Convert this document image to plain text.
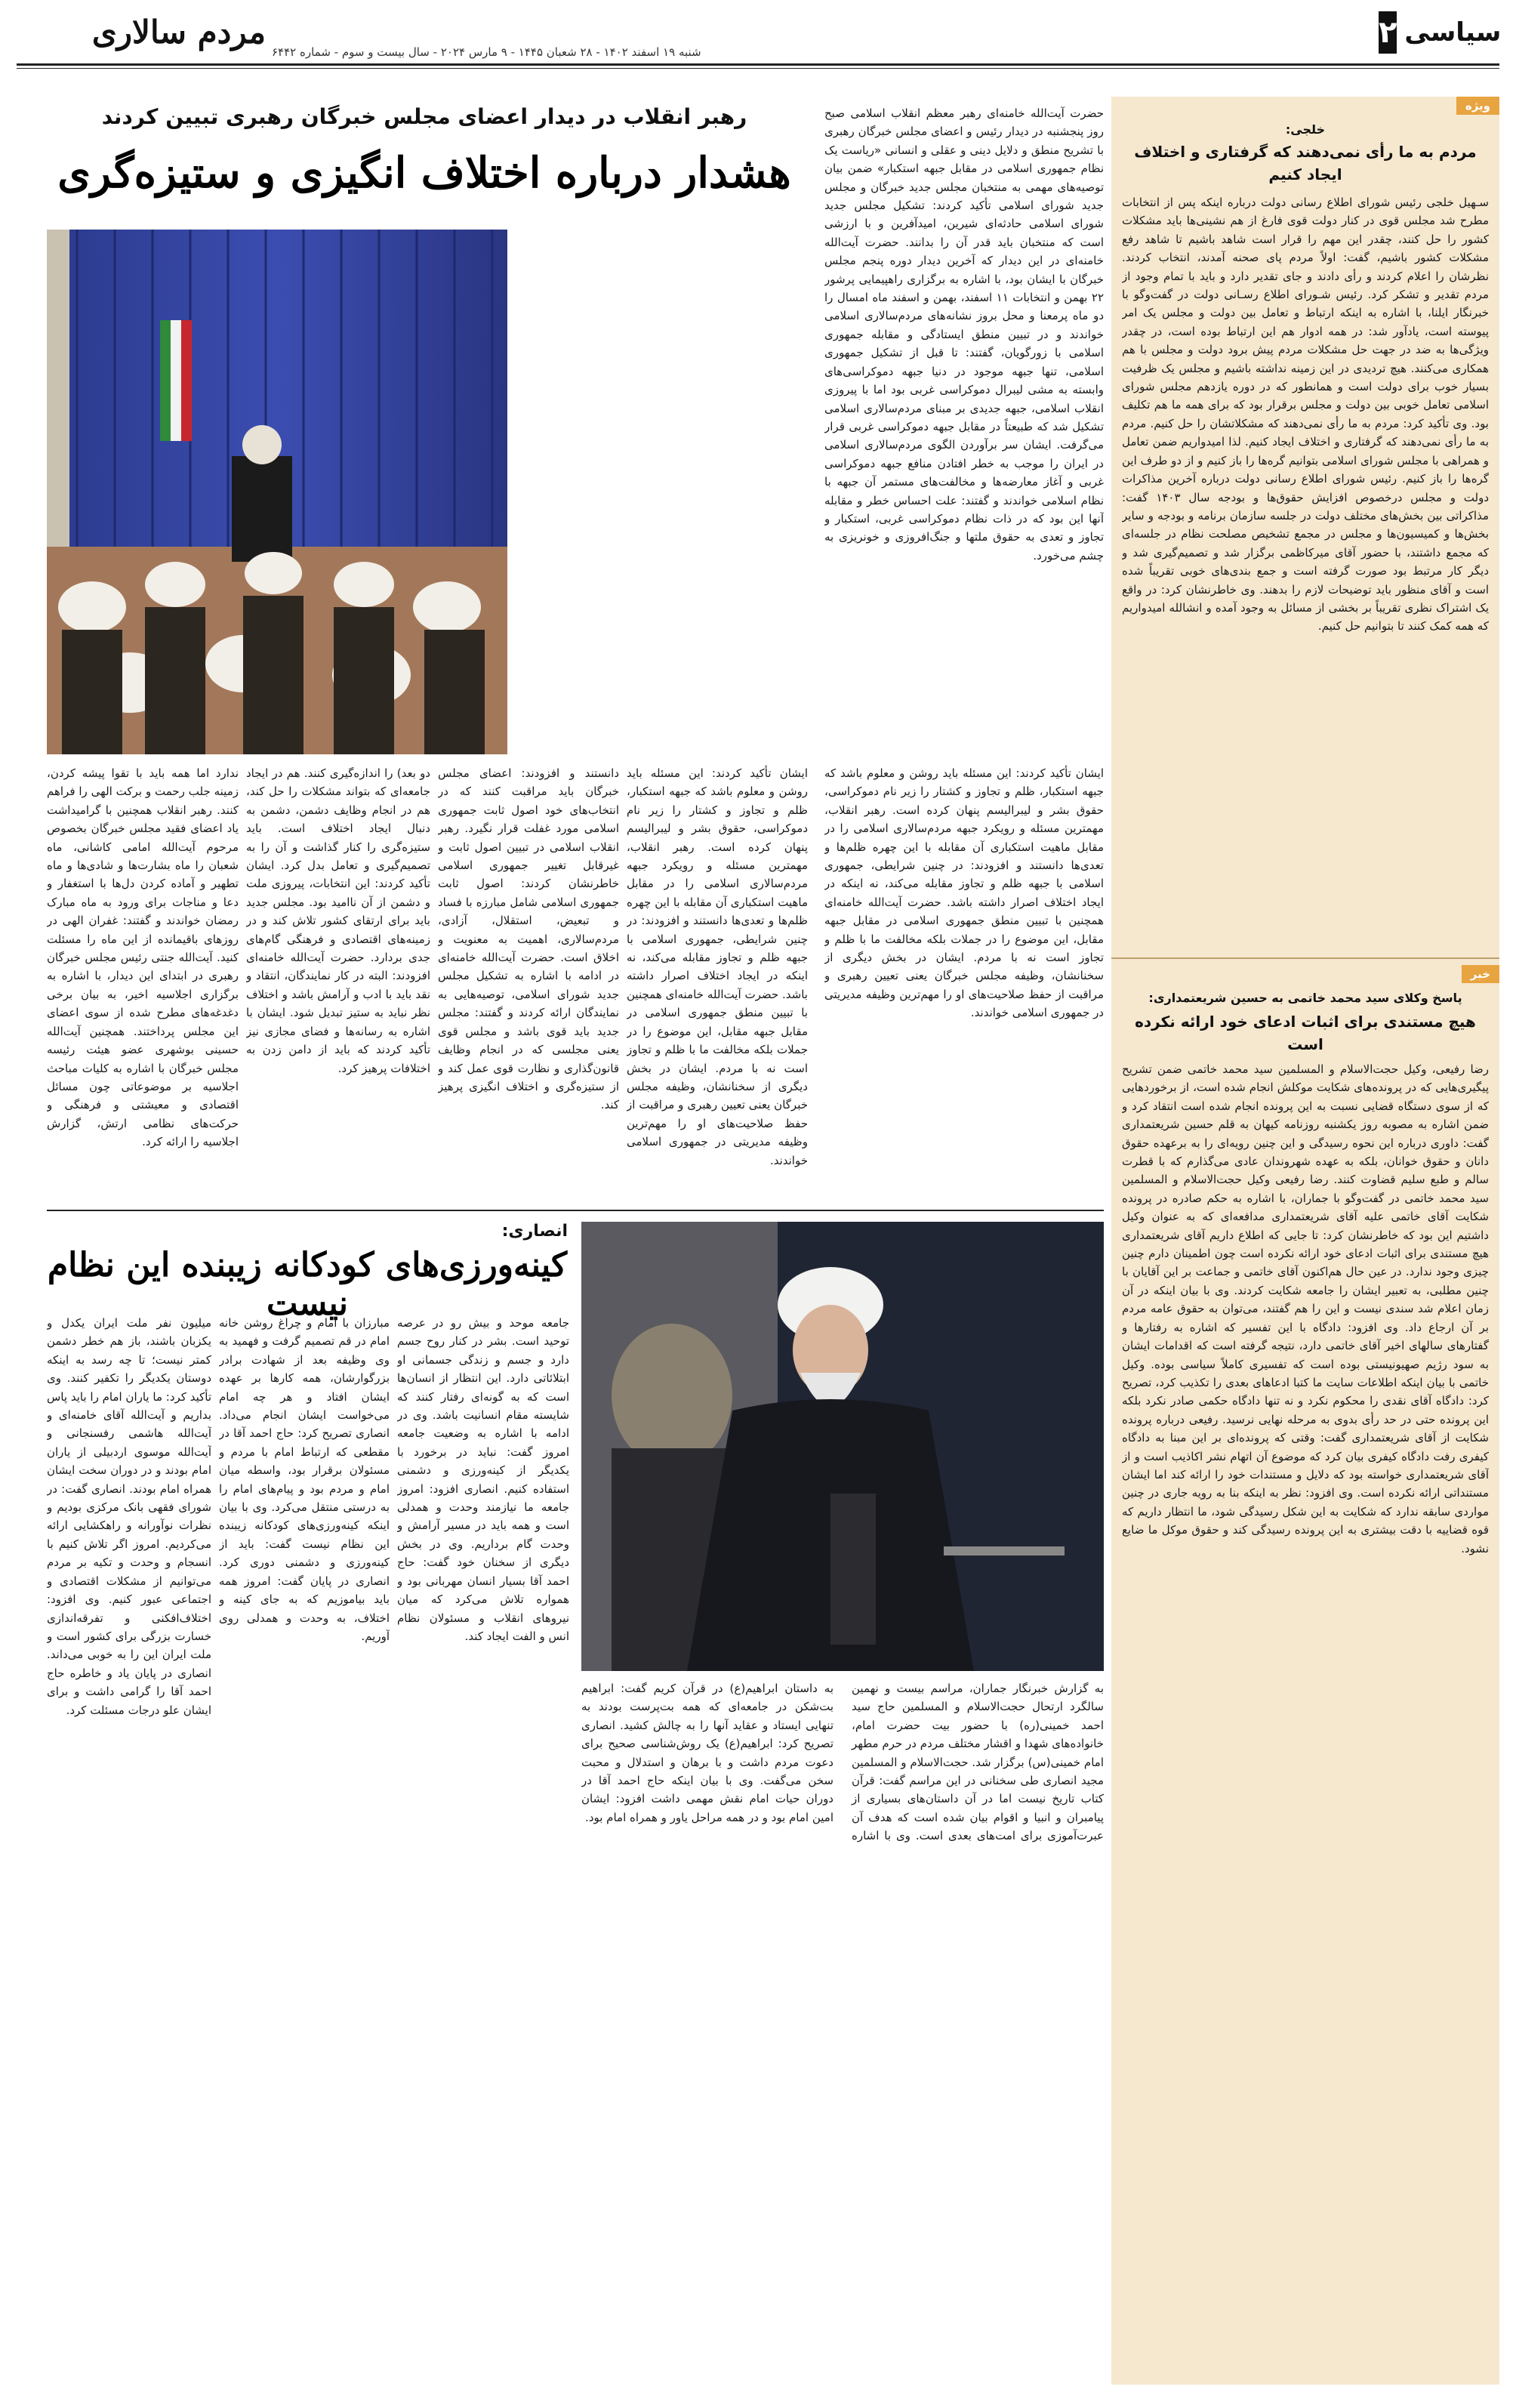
سیاسی
۲
مردم سالاری
شنبه ۱۹ اسفند ۱۴۰۲ - ۲۸ شعبان ۱۴۴۵ - ۹ مارس ۲۰۲۴ - سال بیست و سوم - شماره ۶۴۴۲
ویژه
خلجی:
مردم به ما رأی نمی‌دهند که گرفتاری و اختلاف ایجاد کنیم
سـهیل خلجی رئیس شورای اطلاع رسانی دولت درباره اینکه پس از انتخابات مطرح شد مجلس قوی در کنار دولت قوی فارغ از هم نشینی‌ها باید مشکلات کشور را حل کنند، چقدر این مهم را قرار است شاهد باشیم تا شاهد رفع مشکلات کشور باشیم، گفت: اولاً مردم پای صحنه آمدند، انتخاب کردند. نظرشان را اعلام کردند و رأی دادند و جای تقدیر دارد و باید با تمام وجود از مردم تقدیر و تشکر کرد. رئیس شـورای اطلاع رسـانی دولت در گفت‌وگو با خبرنگار ایلنا، با اشاره به اینکه ارتباط و تعامل بین دولت و مجلس یک امر پیوسته است، یادآور شد: در همه ادوار هم این ارتباط بوده است، در چقدر ویژگی‌ها به ضد در جهت حل مشکلات مردم پیش برود دولت و مجلس با هم همکاری می‌کنند. هیچ تردیدی در این زمینه نداشته باشیم و مجلس یک ظرفیت بسیار خوب برای دولت است و همانطور که در دوره یازدهم مجلس شورای اسلامی تعامل خوبی بین دولت و مجلس برقرار بود که برای همه ما هم تکلیف بود. وی تأکید کرد: مردم به ما رأی نمی‌دهند که مشکلاتشان را حل کنیم. مردم به ما رأی نمی‌دهند که گرفتاری و اختلاف ایجاد کنیم. لذا امیدواریم ضمن تعامل و همراهی با مجلس شورای اسلامی بتوانیم گره‌ها را باز کنیم و از دو طرف این گره‌ها را باز کنیم. رئیس شورای اطلاع رسانی دولت درباره آخرین مذاکرات دولت و مجلس درخصوص افزایش حقوق‌ها و بودجه سال ۱۴۰۳ گفت: مذاکراتی بین بخش‌های مختلف دولت در جلسه سازمان برنامه و بودجه و سایر بخش‌ها و کمیسیون‌ها و مجلس در مجمع تشخیص مصلحت نظام در جلسه‌ای که مجمع داشتند، با حضور آقای میرکاظمی برگزار شد و تصمیم‌گیری شد و دیگر کار مرتبط بود صورت گرفته است و جمع بندی‌های خوبی تقریباً شده است و آقای منظور باید توضیحات لازم را بدهند. وی خاطرنشان کرد: در واقع یک اشتراک نظری تقریباً بر بخشی از مسائل به وجود آمده و انشالله امیدواریم که همه کمک کنند تا بتوانیم حل کنیم.
خبر
پاسخ وکلای سید محمد خاتمی به حسین شریعتمداری:
هیچ مستندی برای اثبات ادعای خود ارائه نکرده است
رضا رفیعی، وکیل حجت‌الاسلام و المسلمین سید محمد خاتمی ضمن تشریح پیگیری‌هایی که در پرونده‌های شکایت موکلش انجام شده است، از برخوردهایی که از سوی دستگاه قضایی نسبت به این پرونده انجام شده است انتقاد کرد و ضمن اشاره به مصوبه روز یکشنبه روزنامه کیهان به قلم حسین شریعتمداری گفت: داوری درباره این نحوه رسیدگی و این چنین رویه‌ای را به برعهده حقوق دانان و حقوق خوانان، بلکه به عهده شهروندان عادی می‌گذارم که با قطرت سالم و طبع سلیم قضاوت کنند. رضا رفیعی وکیل حجت‌الاسلام و المسلمین سید محمد خاتمی در گفت‌وگو با جماران، با اشاره به حکم صادره در پرونده شکایت آقای خاتمی علیه آقای شریعتمداری مدافعه‌ای که به عنوان وکیل داشتیم این بود که خاطرنشان کرد: تا جایی که اطلاع داریم آقای شریعتمداری هیچ مستندی برای اثبات ادعای خود ارائه نکرده است چون اطمینان دارم چنین چیزی وجود ندارد. در عین حال هم‌اکنون آقای خاتمی و جماعت بر این آقایان با چنین مطلبی، به تعبیر ایشان را جامعه شکایت کردند. وی با بیان اینکه در آن زمان اعلام شد سندی نیست و این را هم گفتند، می‌توان به حقوق عامه مردم بر آن ارجاع داد. وی افزود: دادگاه با این تفسیر که اشاره به رفتارها و گفتارهای سالهای اخیر آقای خاتمی دارد، نتیجه گرفته است که اقدامات ایشان به سود رژیم صهیونیستی بوده است که تفسیری کاملاً سیاسی بوده. وکیل خاتمی با بیان اینکه اطلاعات سایت ما کتبا ادعاهای بعدی را تکذیب کرد، تصریح کرد: دادگاه آقای نقدی را محکوم نکرد و نه تنها دادگاه حکمی صادر نکرد بلکه این پرونده حتی در حد رأی بدوی به مرحله نهایی نرسید. رفیعی درباره پرونده شکایت از آقای شریعتمداری گفت: وقتی که پرونده‌ای بر این مبنا به دادگاه کیفری رفت دادگاه کیفری بیان کرد که موضوع آن اتهام نشر اکاذیب است و از آقای شریعتمداری خواسته بود که دلایل و مستندات خود را ارائه کند اما ایشان مستنداتی ارائه نکرده است. وی افزود: نظر به اینکه بنا به رویه جاری در چنین مواردی سابقه ندارد که شکایت به این شکل رسیدگی شود، ما انتظار داریم که قوه قضاییه با دقت بیشتری به این پرونده رسیدگی کند و حقوق موکل ما ضایع نشود.
رهبر انقلاب در دیدار اعضای مجلس خبرگان رهبری تبیین کردند
هشدار درباره اختلاف انگیزی و ستیزه‌گری
حضرت آیت‌الله خامنه‌ای رهبر معظم انقلاب اسلامی صبح روز پنجشنبه در دیدار رئیس و اعضای مجلس خبرگان رهبری با تشریح منطق و دلایل دینی و عقلی و انسانی «ریاست یک نظام جمهوری اسلامی در مقابل جبهه استکبار» ضمن بیان توصیه‌های مهمی به منتخبان مجلس جدید خبرگان و مجلس جدید شورای اسلامی تأکید کردند: تشکیل مجلس جدید شورای اسلامی حادثه‌ای شیرین، امیدآفرین و با ارزشی است که منتخبان باید قدر آن را بدانند. حضرت آیت‌الله خامنه‌ای در این دیدار که آخرین دیدار دوره پنجم مجلس خبرگان با ایشان بود، با اشاره به برگزاری راهپیمایی پرشور ۲۲ بهمن و انتخابات ۱۱ اسفند، بهمن و اسفند ماه امسال را دو ماه پرمعنا و محل بروز نشانه‌های مردم‌سالاری اسلامی خواندند و در تبیین منطق ایستادگی و مقابله جمهوری اسلامی با زورگویان، گفتند: تا قبل از تشکیل جمهوری اسلامی، تنها جبهه موجود در دنیا جبهه دموکراسی‌های وابسته به مشی لیبرال دموکراسی غربی بود اما با پیروزی انقلاب اسلامی، جبهه جدیدی بر مبنای مردم‌سالاری اسلامی تشکیل شد که طبیعتاً در مقابل جبهه دموکراسی غربی قرار می‌گرفت. ایشان سر برآوردن الگوی مردم‌سالاری اسلامی در ایران را موجب به خطر افتادن منافع جبهه دموکراسی غربی و آغاز معارضه‌ها و مخالفت‌های مستمر آن جبهه با نظام اسلامی خواندند و گفتند: علت احساس خطر و مقابله آنها این بود که در ذات نظام دموکراسی غربی، استکبار و تجاوز و تعدی به حقوق ملتها و جنگ‌افروزی و خونریزی به چشم می‌خورد.
ایشان تأکید کردند: این مسئله باید روشن و معلوم باشد که جبهه استکبار، ظلم و تجاوز و کشتار را زیر نام دموکراسی، حقوق بشر و لیبرالیسم پنهان کرده است. رهبر انقلاب، مهمترین مسئله و رویکرد جبهه مردم‌سالاری اسلامی را در مقابل ماهیت استکباری آن مقابله با این چهره ظلم‌ها و تعدی‌ها دانستند و افزودند: در چنین شرایطی، جمهوری اسلامی با جبهه ظلم و تجاوز مقابله می‌کند، نه اینکه در ایجاد اختلاف اصرار داشته باشد. حضرت آیت‌الله خامنه‌ای همچنین با تبیین منطق جمهوری اسلامی در مقابل جبهه مقابل، این موضوع را در جملات بلکه مخالفت ما با ظلم و تجاوز است نه با مردم. ایشان در بخش دیگری از سخنانشان، وظیفه مجلس خبرگان یعنی تعیین رهبری و مراقبت از حفظ صلاحیت‌های او را مهم‌ترین وظیفه مدیریتی در جمهوری اسلامی خواندند.
دانستند و افزودند: اعضای مجلس خبرگان باید مراقبت کنند که در انتخاب‌های خود اصول ثابت جمهوری اسلامی مورد غفلت قرار نگیرد. رهبر انقلاب اسلامی در تبیین اصول ثابت و غیرقابل تغییر جمهوری اسلامی خاطرنشان کردند: اصول ثابت جمهوری اسلامی شامل مبارزه با فساد و تبعیض، استقلال، آزادی، مردم‌سالاری، اهمیت به معنویت و اخلاق است. حضرت آیت‌الله خامنه‌ای در ادامه با اشاره به تشکیل مجلس جدید شورای اسلامی، توصیه‌هایی به نمایندگان ارائه کردند و گفتند: مجلس جدید باید قوی باشد و مجلس قوی یعنی مجلسی که در انجام وظایف قانون‌گذاری و نظارت قوی عمل کند و از ستیزه‌گری و اختلاف انگیزی پرهیز کند.
دو بعد) را اندازه‌گیری کنند. هم در ایجاد جامعه‌ای که بتواند مشکلات را حل کند، هم در انجام وظایف دشمن، دشمن به دنبال ایجاد اختلاف است. باید ستیزه‌گری را کنار گذاشت و آن را به تصمیم‌گیری و تعامل بدل کرد. ایشان تأکید کردند: این انتخابات، پیروزی ملت و دشمن از آن ناامید بود. مجلس جدید باید برای ارتقای کشور تلاش کند و در زمینه‌های اقتصادی و فرهنگی گام‌های جدی بردارد. حضرت آیت‌الله خامنه‌ای افزودند: البته در کار نمایندگان، انتقاد و نقد باید با ادب و آرامش باشد و اختلاف نظر نباید به ستیز تبدیل شود. ایشان با اشاره به رسانه‌ها و فضای مجازی نیز تأکید کردند که باید از دامن زدن به اختلافات پرهیز کرد.
ندارد اما همه باید با تقوا پیشه کردن، زمینه جلب رحمت و برکت الهی را فراهم کنند. رهبر انقلاب همچنین با گرامیداشت یاد اعضای فقید مجلس خبرگان بخصوص مرحوم آیت‌الله امامی کاشانی، ماه شعبان را ماه بشارت‌ها و شادی‌ها و ماه تطهیر و آماده کردن دل‌ها با استغفار و دعا و مناجات برای ورود به ماه مبارک رمضان خواندند و گفتند: غفران الهی در روزهای باقیمانده از این ماه را مسئلت کنید. آیت‌الله جنتی رئیس مجلس خبرگان رهبری در ابتدای این دیدار، با اشاره به برگزاری اجلاسیه اخیر، به بیان برخی دغدغه‌های مطرح شده از سوی اعضای این مجلس پرداختند. همچنین آیت‌الله حسینی بوشهری عضو هیئت رئیسه مجلس خبرگان با اشاره به کلیات مباحث اجلاسیه بر موضوعاتی چون مسائل اقتصادی و معیشتی و فرهنگی و حرکت‌های نظامی ارتش، گزارش اجلاسیه را ارائه کرد.
ایشان تأکید کردند: این مسئله باید روشن و معلوم باشد که جبهه استکبار، ظلم و تجاوز و کشتار را زیر نام دموکراسی، حقوق بشر و لیبرالیسم پنهان کرده است. رهبر انقلاب، مهمترین مسئله و رویکرد جبهه مردم‌سالاری اسلامی را در مقابل ماهیت استکباری آن مقابله با این چهره ظلم‌ها و تعدی‌ها دانستند و افزودند: در چنین شرایطی، جمهوری اسلامی با جبهه ظلم و تجاوز مقابله می‌کند، نه اینکه در ایجاد اختلاف اصرار داشته باشد. حضرت آیت‌الله خامنه‌ای همچنین با تبیین منطق جمهوری اسلامی در مقابل جبهه مقابل، این موضوع را در جملات بلکه مخالفت ما با ظلم و تجاوز است نه با مردم. ایشان در بخش دیگری از سخنانشان، وظیفه مجلس خبرگان یعنی تعیین رهبری و مراقبت از حفظ صلاحیت‌های او را مهم‌ترین وظیفه مدیریتی در جمهوری اسلامی خواندند.
انصاری:
کینه‌ورزی‌های کودکانه زیبنده این نظام نیست
به گزارش خبرنگار جماران، مراسم بیست و نهمین سالگرد ارتحال حجت‌الاسلام و المسلمین حاج سید احمد خمینی(ره) با حضور بیت حضرت امام، خانواده‌های شهدا و اقشار مختلف مردم در حرم مطهر امام خمینی(س) برگزار شد. حجت‌الاسلام و المسلمین مجید انصاری طی سخنانی در این مراسم گفت: قرآن کتاب تاریخ نیست اما در آن داستان‌های بسیاری از پیامبران و انبیا و اقوام بیان شده است که هدف آن عبرت‌آموزی برای امت‌های بعدی است. وی با اشاره به داستان ابراهیم(ع) در قرآن کریم گفت: ابراهیم بت‌شکن در جامعه‌ای که همه بت‌پرست بودند به تنهایی ایستاد و عقاید آنها را به چالش کشید. انصاری تصریح کرد: ابراهیم(ع) یک روش‌شناسی صحیح برای دعوت مردم داشت و با برهان و استدلال و محبت سخن می‌گفت. وی با بیان اینکه حاج احمد آقا در دوران حیات امام نقش مهمی داشت افزود: ایشان امین امام بود و در همه مراحل یاور و همراه امام بود.
جامعه موحد و بیش رو در عرصه توحید است. بشر در کنار روح جسم دارد و جسم و زندگی جسمانی او ابتلائاتی دارد. این انتظار از انسان‌ها است که به گونه‌ای رفتار کنند که شایسته مقام انسانیت باشد. وی در ادامه با اشاره به وضعیت جامعه امروز گفت: نباید در برخورد با یکدیگر از کینه‌ورزی و دشمنی استفاده کنیم. انصاری افزود: امروز جامعه ما نیازمند وحدت و همدلی است و همه باید در مسیر آرامش و وحدت گام برداریم. وی در بخش دیگری از سخنان خود گفت: حاج احمد آقا بسیار انسان مهربانی بود و همواره تلاش می‌کرد که میان نیروهای انقلاب و مسئولان نظام انس و الفت ایجاد کند.
مبارزان با امام و چراغ روشن خانه امام در قم تصمیم گرفت و فهمید به وی وظیفه بعد از شهادت برادر بزرگوارشان، همه کارها بر عهده ایشان افتاد و هر چه امام می‌خواست ایشان انجام می‌داد. انصاری تصریح کرد: حاج احمد آقا در مقطعی که ارتباط امام با مردم و مسئولان برقرار بود، واسطه میان امام و مردم بود و پیام‌های امام را به درستی منتقل می‌کرد. وی با بیان اینکه کینه‌ورزی‌های کودکانه زیبنده این نظام نیست گفت: باید از کینه‌ورزی و دشمنی دوری کرد. انصاری در پایان گفت: امروز همه باید بیاموزیم که به جای کینه و اختلاف، به وحدت و همدلی روی آوریم.
میلیون نفر ملت ایران یکدل و یکزبان باشند، باز هم خطر دشمن کمتر نیست؛ تا چه رسد به اینکه دوستان یکدیگر را تکفیر کنند. وی تأکید کرد: ما یاران امام را باید پاس بداریم و آیت‌الله آقای خامنه‌ای و آیت‌الله هاشمی رفسنجانی و آیت‌الله موسوی اردبیلی از یاران امام بودند و در دوران سخت ایشان همراه امام بودند. انصاری گفت: در شورای فقهی بانک مرکزی بودیم و نظرات نوآورانه و راهکشایی ارائه می‌کردیم. امروز اگر تلاش کنیم با انسجام و وحدت و تکیه بر مردم می‌توانیم از مشکلات اقتصادی و اجتماعی عبور کنیم. وی افزود: اختلاف‌افکنی و تفرقه‌اندازی خسارت بزرگی برای کشور است و ملت ایران این را به خوبی می‌داند. انصاری در پایان یاد و خاطره حاج احمد آقا را گرامی داشت و برای ایشان علو درجات مسئلت کرد.
